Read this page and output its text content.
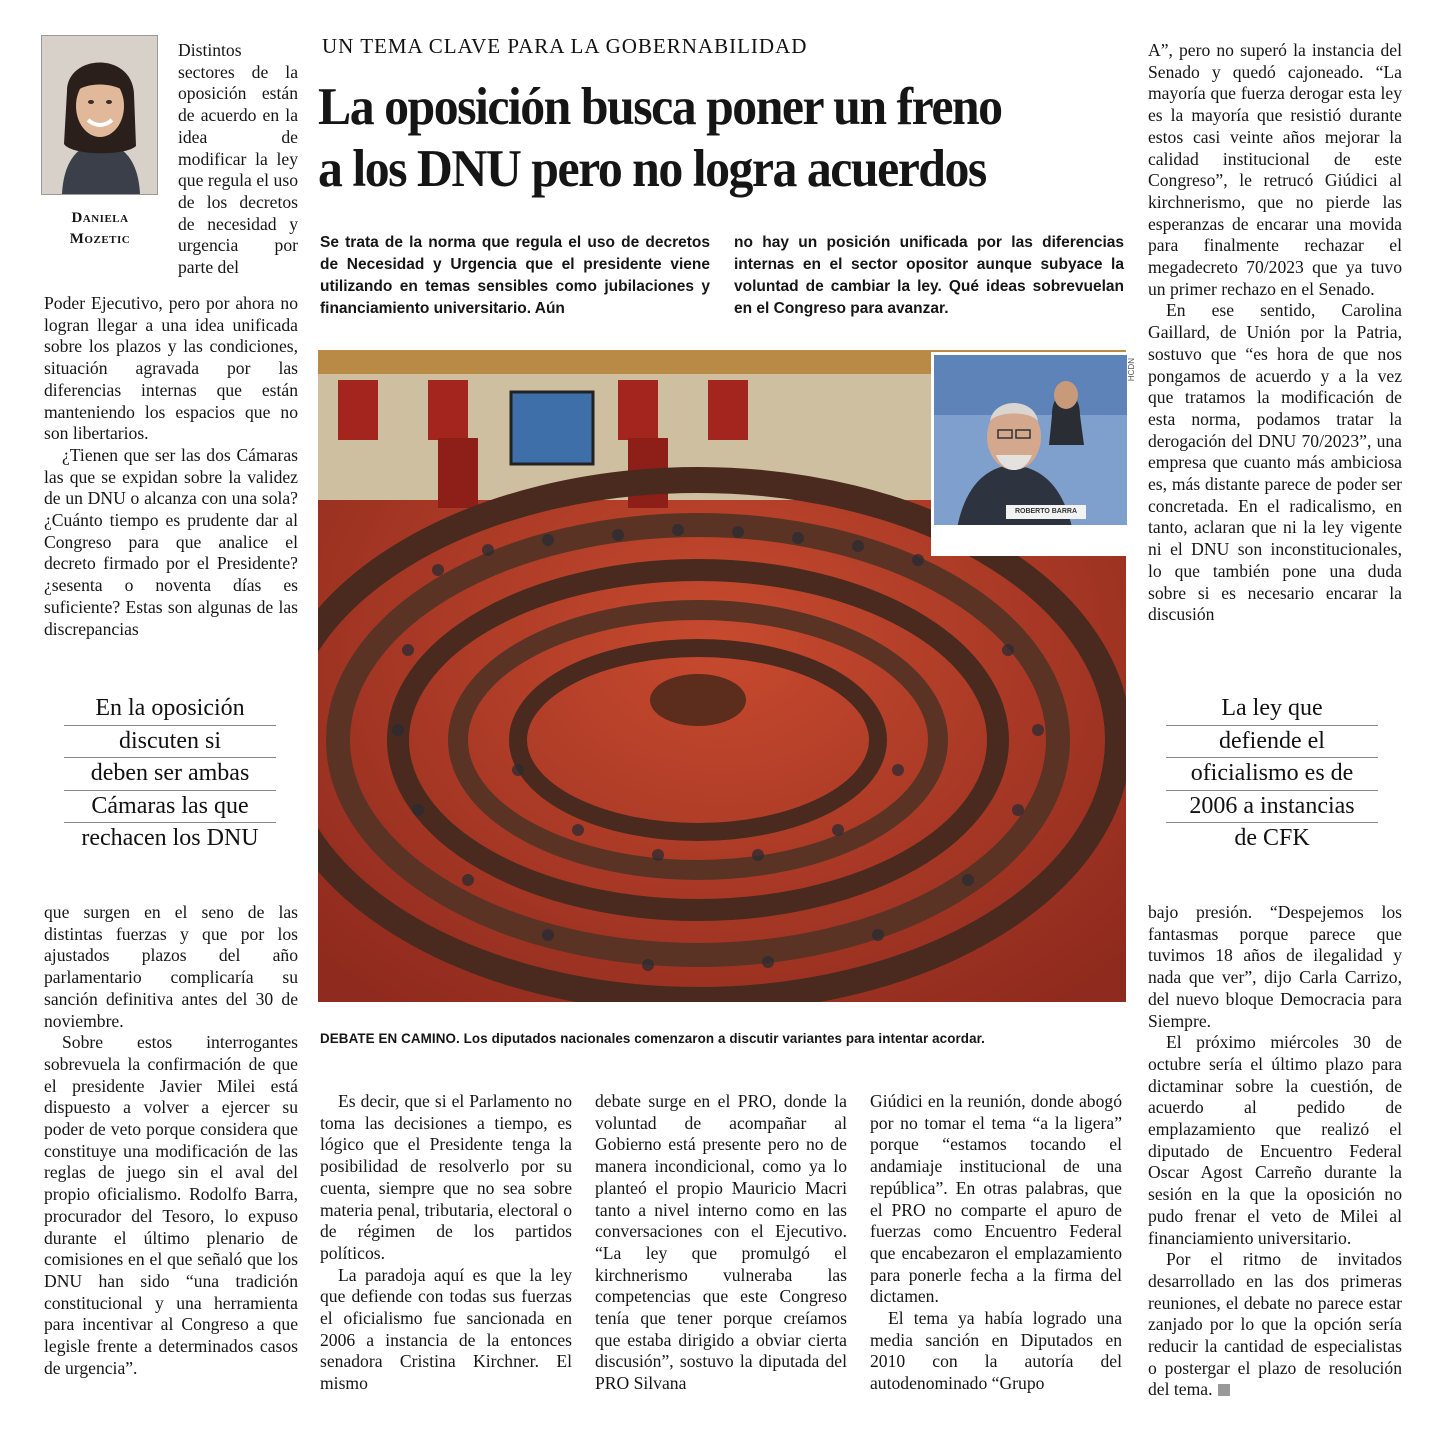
Daniela
Mozetic

Distintos sectores de la oposición están de acuerdo en la idea de modificar la ley que regula el uso de los decretos de necesidad y urgencia por parte del

Poder Ejecutivo, pero por ahora no logran llegar a una idea unificada sobre los plazos y las condiciones, situación agravada por las diferencias internas que están manteniendo los espacios que no son libertarios.

¿Tienen que ser las dos Cámaras las que se expidan sobre la validez de un DNU o alcanza con una sola? ¿Cuánto tiempo es prudente dar al Congreso para que analice el decreto firmado por el Presidente? ¿sesenta o noventa días es suficiente? Estas son algunas de las discrepancias

En la oposición
discuten si
deben ser ambas
Cámaras las que
rechacen los DNU

que surgen en el seno de las distintas fuerzas y que por los ajustados plazos del año parlamentario complicaría su sanción definitiva antes del 30 de noviembre.

Sobre estos interrogantes sobrevuela la confirmación de que el presidente Javier Milei está dispuesto a volver a ejercer su poder de veto porque considera que constituye una modificación de las reglas de juego sin el aval del propio oficialismo. Rodolfo Barra, procurador del Tesoro, lo expuso durante el último plenario de comisiones en el que señaló que los DNU han sido “una tradición constitucional y una herramienta para incentivar al Congreso a que legisle frente a determinados casos de urgencia”.

UN TEMA CLAVE PARA LA GOBERNABILIDAD
La oposición busca poner un freno
a los DNU pero no logra acuerdos
Se trata de la norma que regula el uso de decretos de Necesidad y Urgencia que el presidente viene utilizando en temas sensibles como jubilaciones y financiamiento universitario. Aún
no hay un posición unificada por las diferencias internas en el sector opositor aunque subyace la voluntad de cambiar la ley. Qué ideas sobrevuelan en el Congreso para avanzar.
ROBERTO BARRA
HCDN
DEBATE EN CAMINO. Los diputados nacionales comenzaron a discutir variantes para intentar acordar.

Es decir, que si el Parlamento no toma las decisiones a tiempo, es lógico que el Presidente tenga la posibilidad de resolverlo por su cuenta, siempre que no sea sobre materia penal, tributaria, electoral o de régimen de los partidos políticos.

La paradoja aquí es que la ley que defiende con todas sus fuerzas el oficialismo fue sancionada en 2006 a instancia de la entonces senadora Cristina Kirchner. El mismo

debate surge en el PRO, donde la voluntad de acompañar al Gobierno está presente pero no de manera incondicional, como ya lo planteó el propio Mauricio Macri tanto a nivel interno como en las conversaciones con el Ejecutivo. “La ley que promulgó el kirchnerismo vulneraba las competencias que este Congreso tenía que tener porque creíamos que estaba dirigido a obviar cierta discusión”, sostuvo la diputada del PRO Silvana

Giúdici en la reunión, donde abogó por no tomar el tema “a la ligera” porque “estamos tocando el andamiaje institucional de una república”. En otras palabras, que el PRO no comparte el apuro de fuerzas como Encuentro Federal que encabezaron el emplazamiento para ponerle fecha a la firma del dictamen.

El tema ya había logrado una media sanción en Diputados en 2010 con la autoría del autodenominado “Grupo

A”, pero no superó la instancia del Senado y quedó cajoneado. “La mayoría que fuerza derogar esta ley es la mayoría que resistió durante estos casi veinte años mejorar la calidad institucional de este Congreso”, le retrucó Giúdici al kirchnerismo, que no pierde las esperanzas de encarar una movida para finalmente rechazar el megadecreto 70/2023 que ya tuvo un primer rechazo en el Senado.

En ese sentido, Carolina Gaillard, de Unión por la Patria, sostuvo que “es hora de que nos pongamos de acuerdo y a la vez que tratamos la modificación de esta norma, podamos tratar la derogación del DNU 70/2023”, una empresa que cuanto más ambiciosa es, más distante parece de poder ser concretada. En el radicalismo, en tanto, aclaran que ni la ley vigente ni el DNU son inconstitucionales, lo que también pone una duda sobre si es necesario encarar la discusión

La ley que
defiende el
oficialismo es de
2006 a instancias
de CFK

bajo presión. “Despejemos los fantasmas porque parece que tuvimos 18 años de ilegalidad y nada que ver”, dijo Carla Carrizo, del nuevo bloque Democracia para Siempre.

El próximo miércoles 30 de octubre sería el último plazo para dictaminar sobre la cuestión, de acuerdo al pedido de emplazamiento que realizó el diputado de Encuentro Federal Oscar Agost Carreño durante la sesión en la que la oposición no pudo frenar el veto de Milei al financiamiento universitario.

Por el ritmo de invitados desarrollado en las dos primeras reuniones, el debate no parece estar zanjado por lo que la opción sería reducir la cantidad de especialistas o postergar el plazo de resolución del tema.
